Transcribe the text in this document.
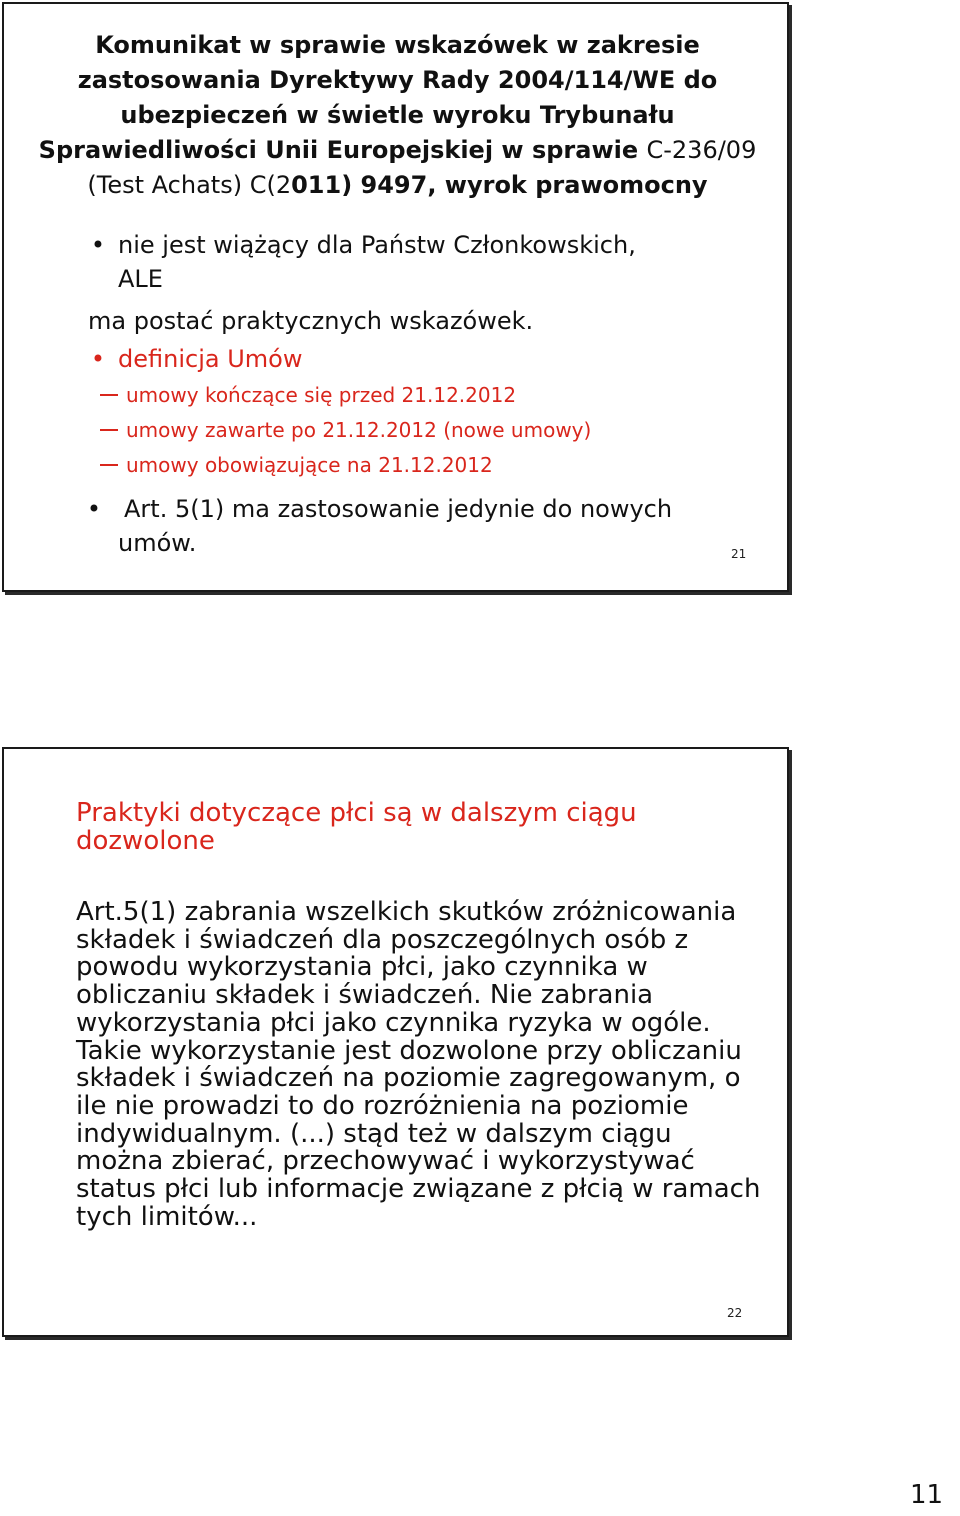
Komunikat w sprawie wskazówek w zakresie
zastosowania Dyrektywy Rady 2004/114/WE do
ubezpieczeń w świetle wyroku Trybunału
Sprawiedliwości Unii Europejskiej w sprawie C-236/09
(Test Achats) C(2011) 9497, wyrok prawomocny
• nie jest wiążący dla Państw Członkowskich,
ALE
ma postać praktycznych wskazówek.
• definicja Umów
umowy kończące się przed 21.12.2012
umowy zawarte po 21.12.2012 (nowe umowy)
umowy obowiązujące na 21.12.2012
• Art. 5(1) ma zastosowanie jedynie do nowych
umów.	21
Praktyki dotyczące płci są w dalszym ciągu dozwolone
Art.5(1) zabrania wszelkich skutków zróżnicowania składek i świadczeń dla poszczególnych osób z powodu wykorzystania płci, jako czynnika w obliczaniu składek i świadczeń. Nie zabrania wykorzystania płci jako czynnika ryzyka w ogóle. Takie wykorzystanie jest dozwolone przy obliczaniu składek i świadczeń na poziomie zagregowanym, o ile nie prowadzi to do rozróżnienia na poziomie indywidualnym. (...) stąd też w dalszym ciągu można zbierać, przechowywać i wykorzystywać status płci lub informacje związane z płcią w ramach tych limitów...
22
11
